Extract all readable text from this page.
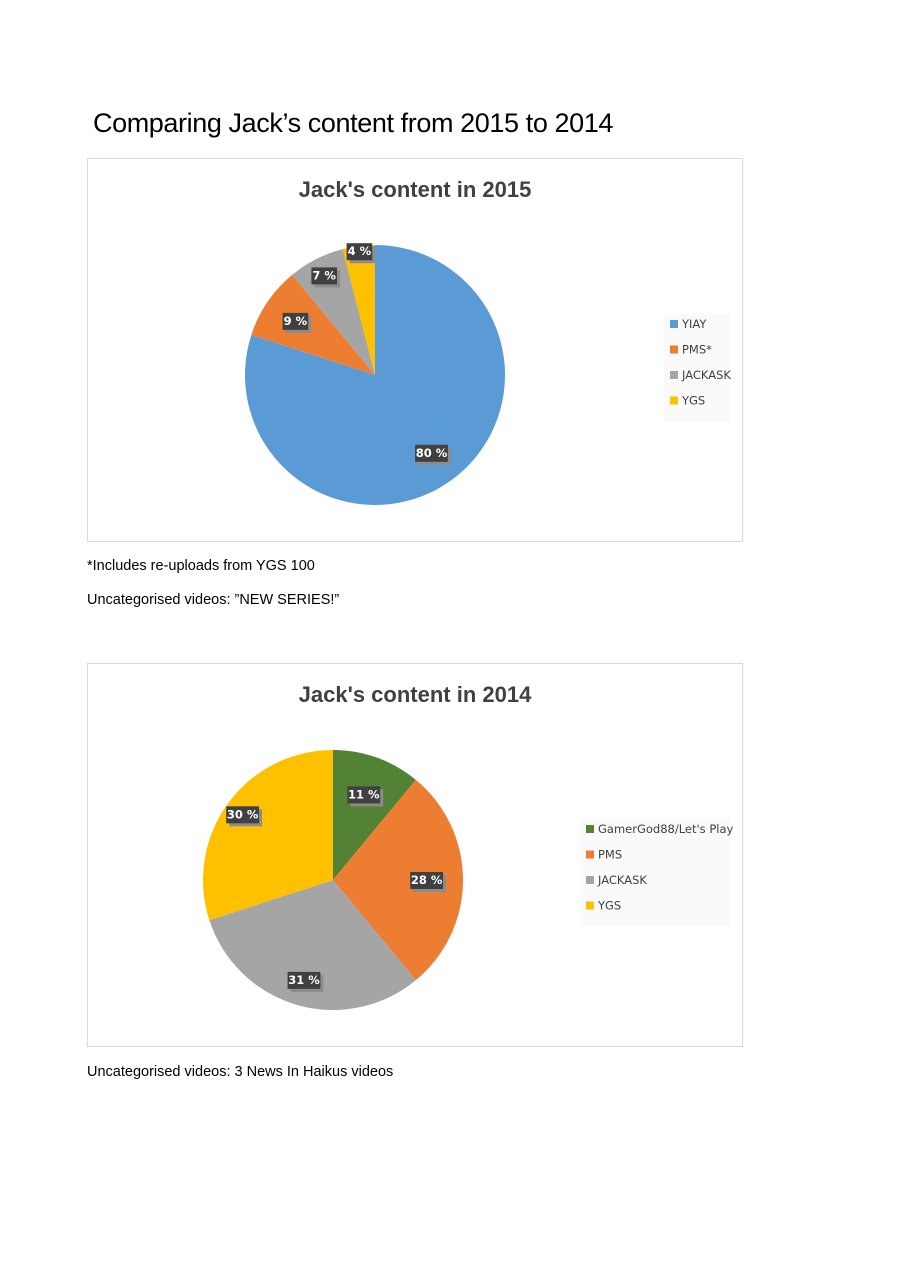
Comparing Jack’s content from 2015 to 2014
Jack's content in 2015
80 %
9 %
7 %
4 %
YIAY
PMS*
JACKASK
YGS
*Includes re-uploads from YGS 100
Uncategorised videos: ”NEW SERIES!”
Jack's content in 2014
11 %
28 %
31 %
30 %
GamerGod88/Let's Play
PMS
JACKASK
YGS
Uncategorised videos: 3 News In Haikus videos
